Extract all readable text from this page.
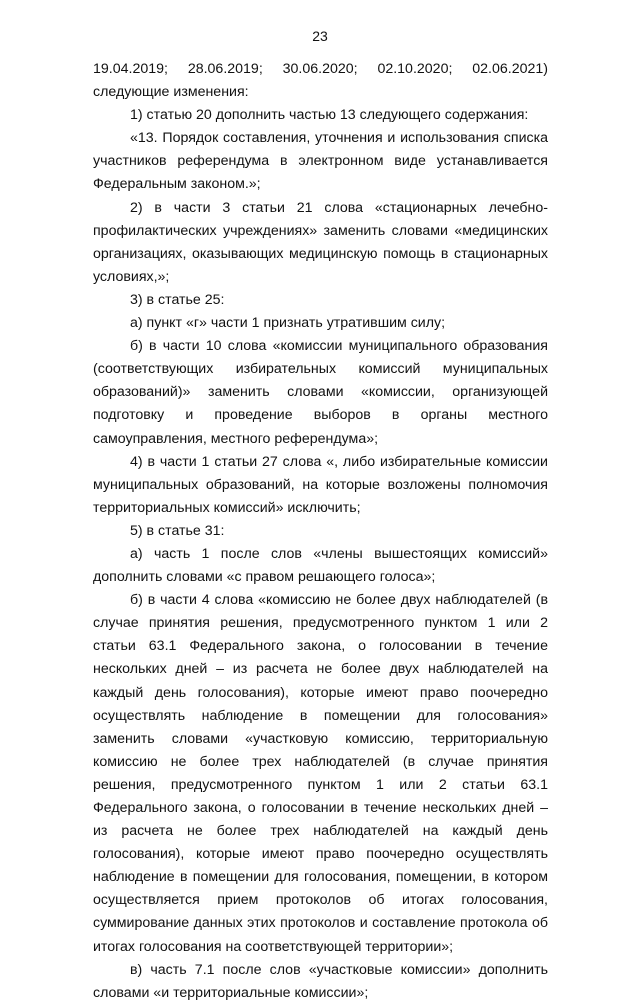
23

19.04.2019; 28.06.2019; 30.06.2020; 02.10.2020; 02.06.2021) следующие изменения:

1) статью 20 дополнить частью 13 следующего содержания:

«13. Порядок составления, уточнения и использования списка участников референдума в электронном виде устанавливается Федеральным законом.»;

2) в части 3 статьи 21 слова «стационарных лечебно-профилактических учреждениях» заменить словами «медицинских организациях, оказывающих медицинскую помощь в стационарных условиях,»;

3) в статье 25:

а) пункт «г» части 1 признать утратившим силу;

б) в части 10 слова «комиссии муниципального образования (соответствующих избирательных комиссий муниципальных образований)» заменить словами «комиссии, организующей подготовку и проведение выборов в органы местного самоуправления, местного референдума»;

4) в части 1 статьи 27 слова «, либо избирательные комиссии муниципальных образований, на которые возложены полномочия территориальных комиссий» исключить;

5) в статье 31:

а) часть 1 после слов «члены вышестоящих комиссий» дополнить словами «с правом решающего голоса»;

б) в части 4 слова «комиссию не более двух наблюдателей (в случае принятия решения, предусмотренного пунктом 1 или 2 статьи 63.1 Федерального закона, о голосовании в течение нескольких дней – из расчета не более двух наблюдателей на каждый день голосования), которые имеют право поочередно осуществлять наблюдение в помещении для голосования» заменить словами «участковую комиссию, территориальную комиссию не более трех наблюдателей (в случае принятия решения, предусмотренного пунктом 1 или 2 статьи 63.1 Федерального закона, о голосовании в течение нескольких дней – из расчета не более трех наблюдателей на каждый день голосования), которые имеют право поочередно осуществлять наблюдение в помещении для голосования, помещении, в котором осуществляется прием протоколов об итогах голосования, суммирование данных этих протоколов и составление протокола об итогах голосования на соответствующей территории»;

в) часть 7.1 после слов «участковые комиссии» дополнить словами «и территориальные комиссии»;
